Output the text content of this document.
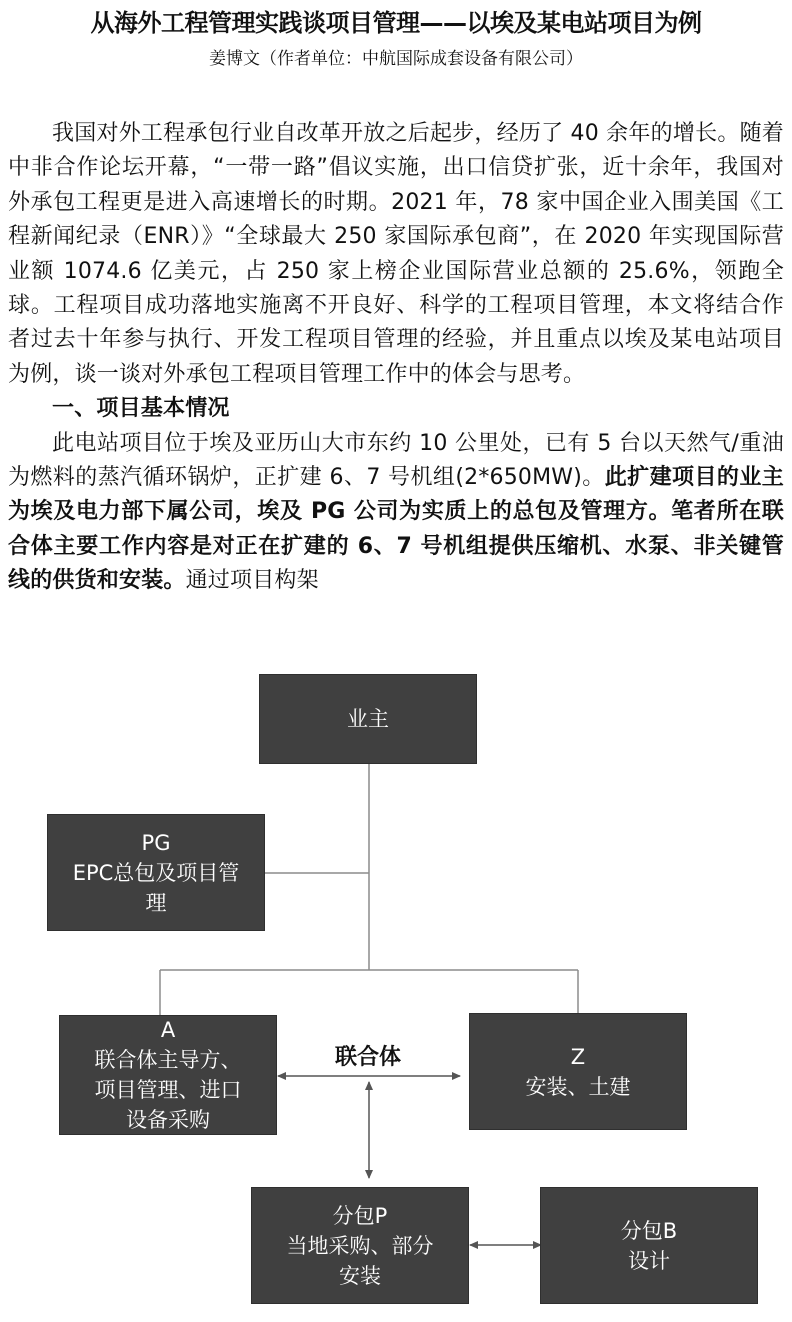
从海外工程管理实践谈项目管理——以埃及某电站项目为例
姜博文（作者单位：中航国际成套设备有限公司）

我国对外工程承包行业自改革开放之后起步，经历了 40 余年的增长。随着中非合作论坛开幕，“一带一路”倡议实施，出口信贷扩张，近十余年，我国对外承包工程更是进入高速增长的时期。2021 年，78 家中国企业入围美国《工程新闻纪录（ENR）》“全球最大 250 家国际承包商”，在 2020 年实现国际营业额 1074.6 亿美元，占 250 家上榜企业国际营业总额的 25.6%，领跑全球。工程项目成功落地实施离不开良好、科学的工程项目管理，本文将结合作者过去十年参与执行、开发工程项目管理的经验，并且重点以埃及某电站项目为例，谈一谈对外承包工程项目管理工作中的体会与思考。

一、项目基本情况

此电站项目位于埃及亚历山大市东约 10 公里处，已有 5 台以天然气/重油为燃料的蒸汽循环锅炉，正扩建 6、7 号机组(2*650MW)。此扩建项目的业主为埃及电力部下属公司，埃及 PG 公司为实质上的总包及管理方。笔者所在联合体主要工作内容是对正在扩建的 6、7 号机组提供压缩机、水泵、非关键管线的供货和安装。通过项目构架

业主
PG
EPC总包及项目管
理
A
联合体主导方、
项目管理、进口
设备采购
联合体	Z
安装、土建
分包P
当地采购、部分
安装
分包B
设计
